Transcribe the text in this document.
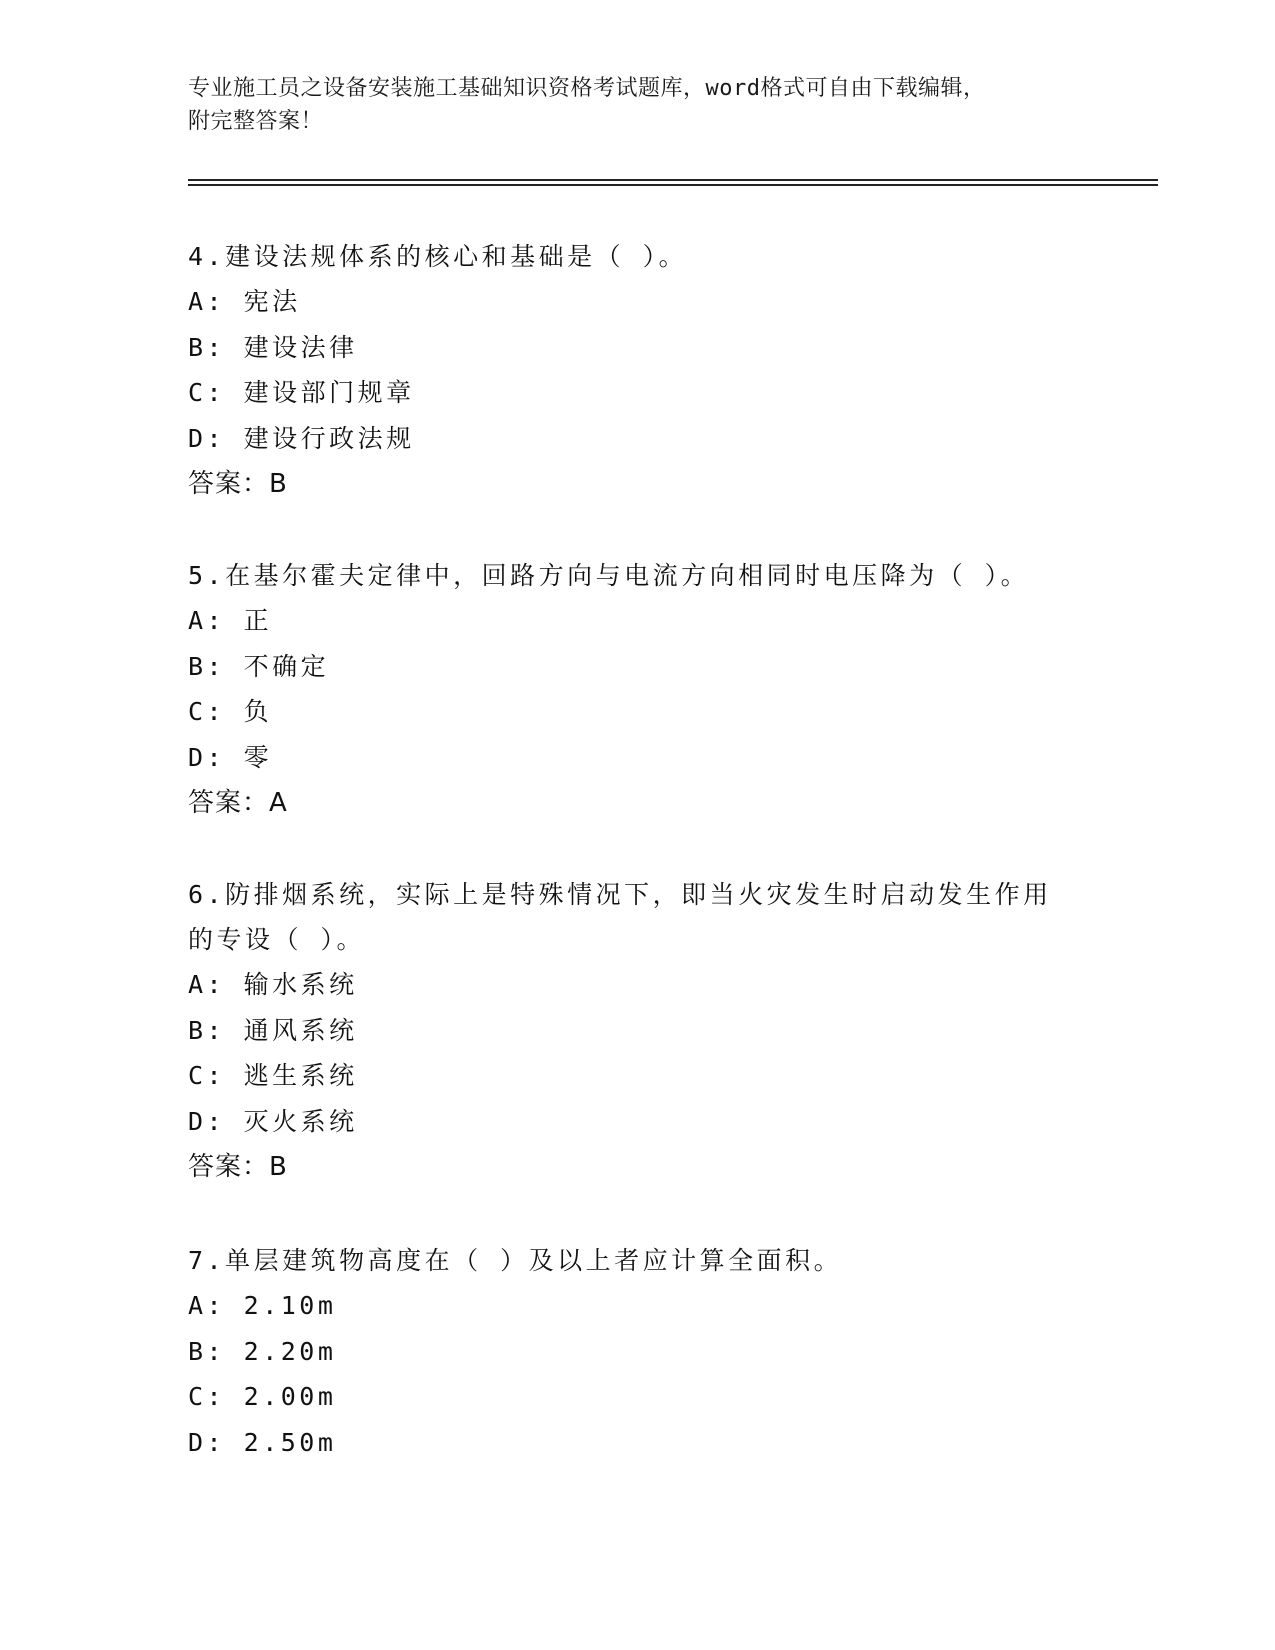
专业施工员之设备安装施工基础知识资格考试题库，word格式可自由下载编辑，
附完整答案！
4.建设法规体系的核心和基础是（ ）。
A: 宪法
B: 建设法律
C: 建设部门规章
D: 建设行政法规
答案：B
5.在基尔霍夫定律中，回路方向与电流方向相同时电压降为（ ）。
A: 正
B: 不确定
C: 负
D: 零
答案：A
6.防排烟系统，实际上是特殊情况下，即当火灾发生时启动发生作用的专设（ ）。
A: 输水系统
B: 通风系统
C: 逃生系统
D: 灭火系统
答案：B
7.单层建筑物高度在（ ）及以上者应计算全面积。
A: 2.10m
B: 2.20m
C: 2.00m
D: 2.50m
